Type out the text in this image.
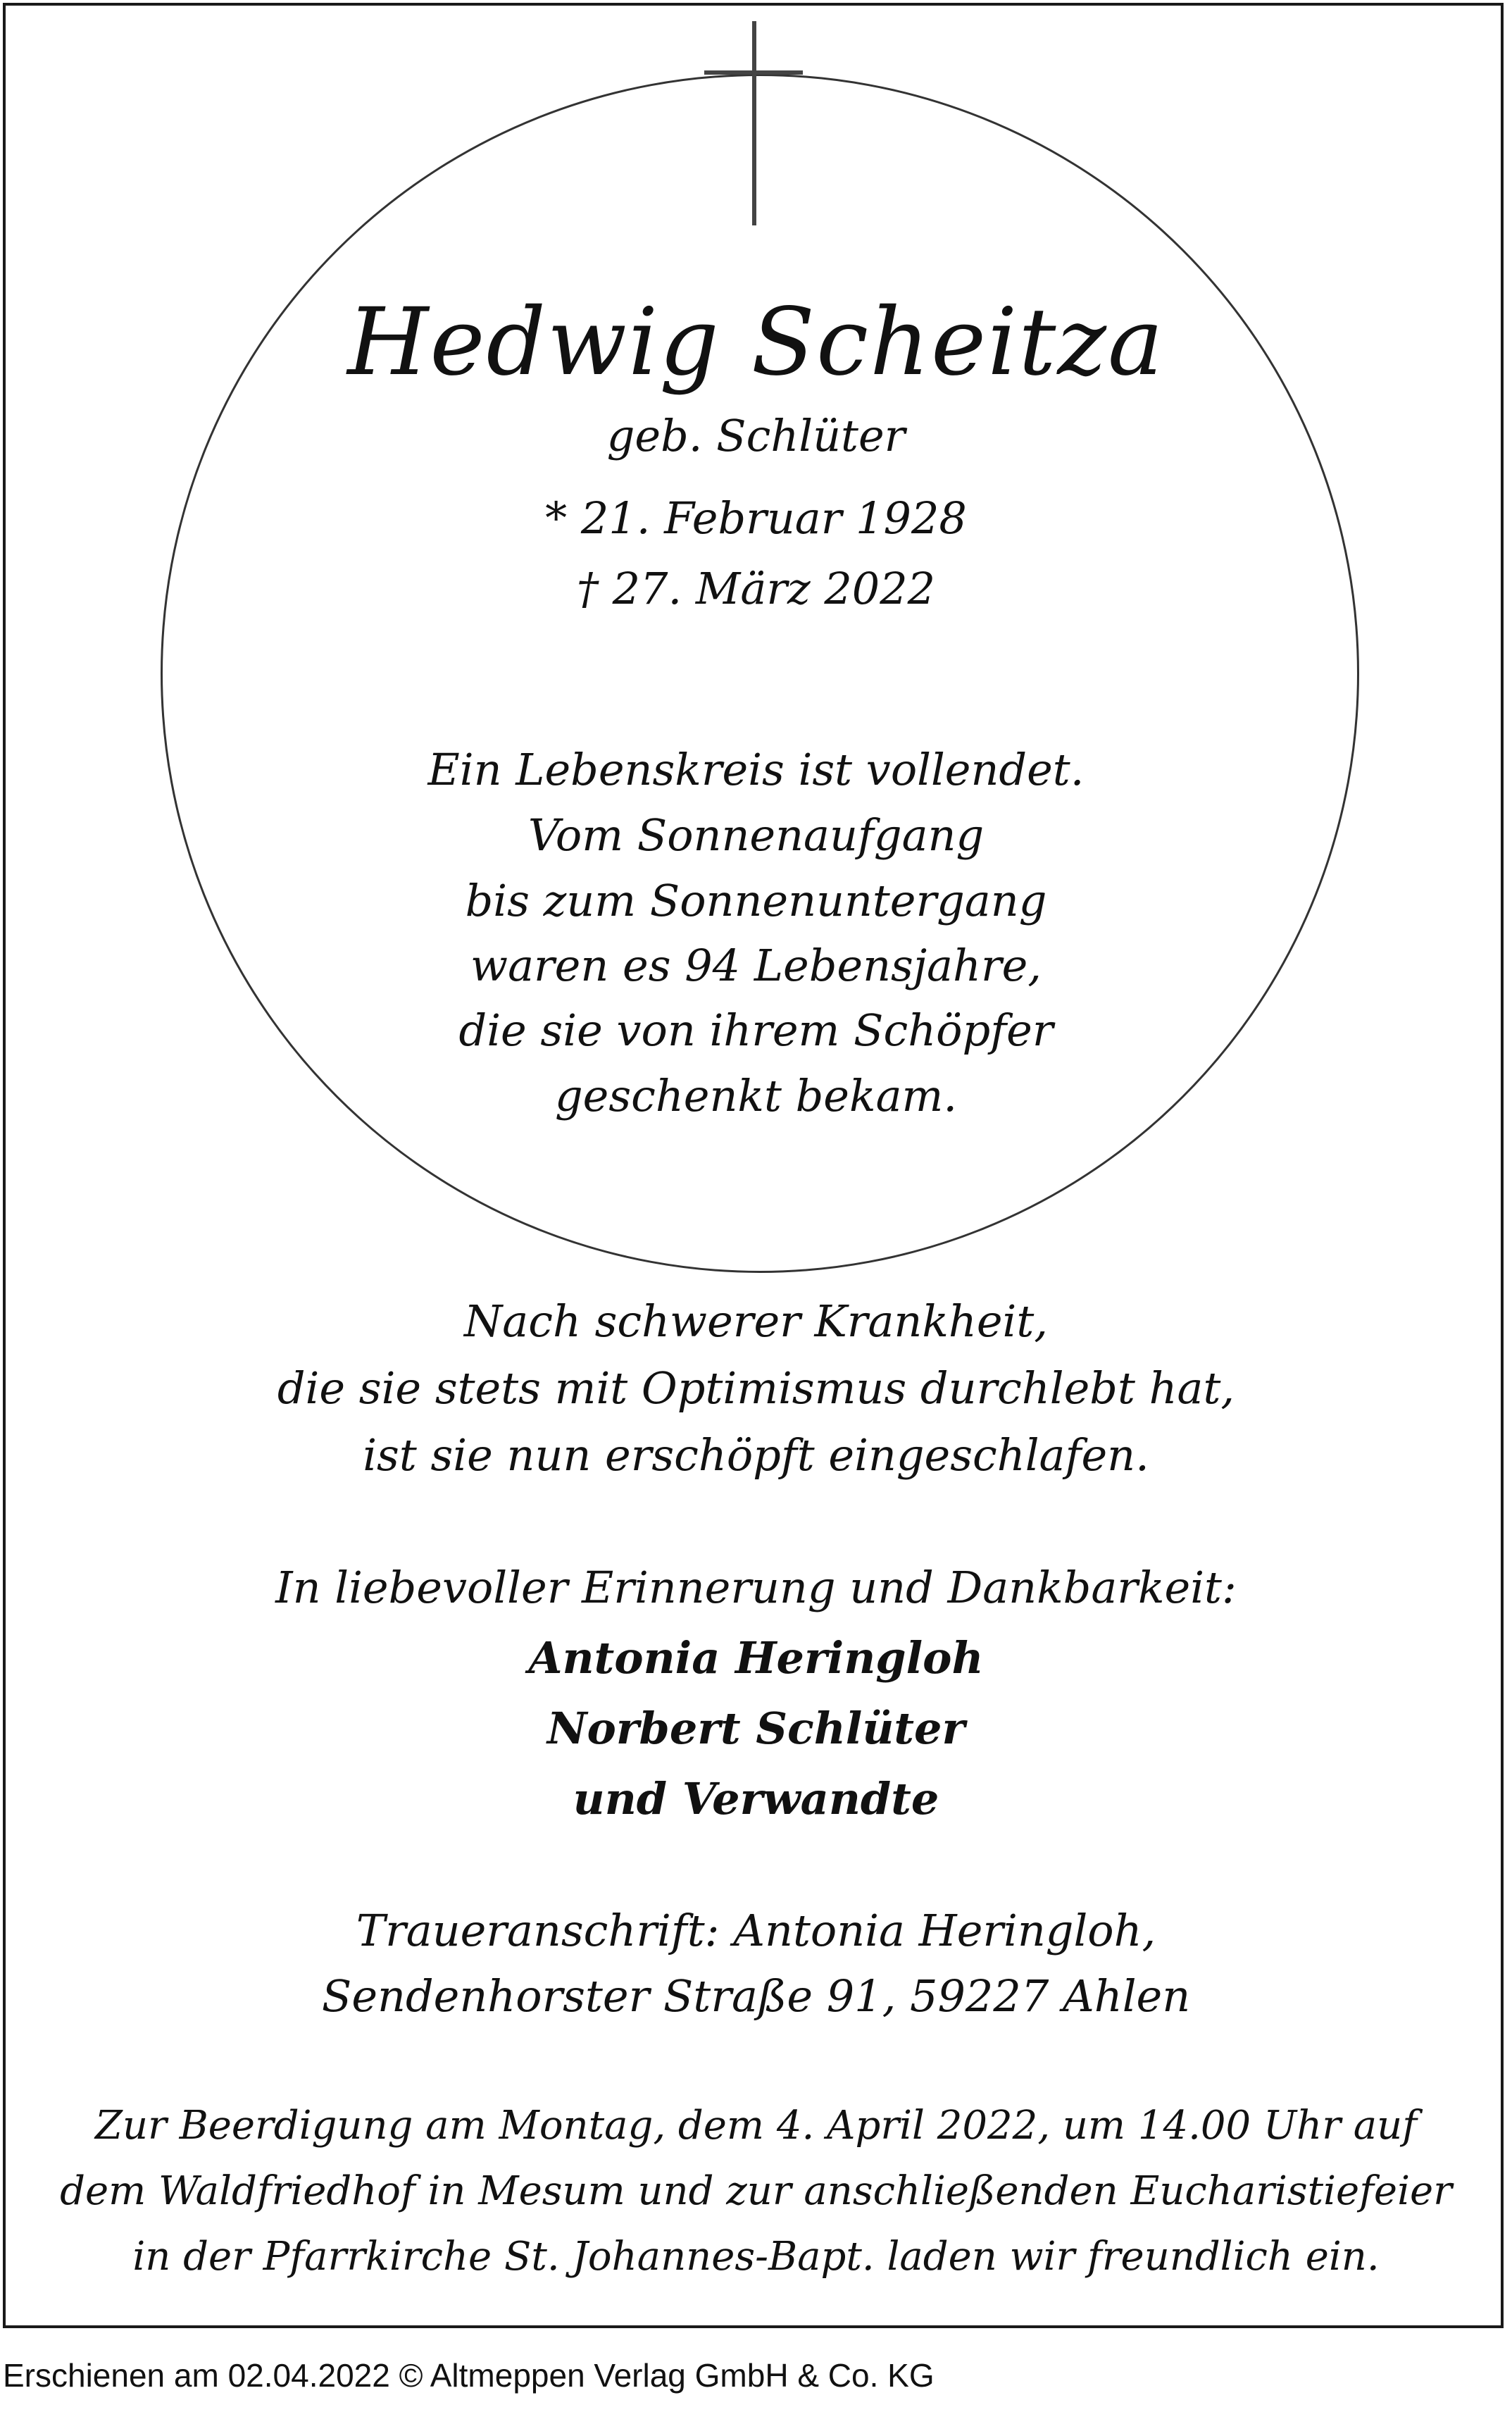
Hedwig Scheitza
geb. Schlüter
* 21. Februar 1928
† 27. März 2022
Ein Lebenskreis ist vollendet.
Vom Sonnenaufgang
bis zum Sonnenuntergang
waren es 94 Lebensjahre,
die sie von ihrem Schöpfer
geschenkt bekam.
Nach schwerer Krankheit,
die sie stets mit Optimismus durchlebt hat,
ist sie nun erschöpft eingeschlafen.
In liebevoller Erinnerung und Dankbarkeit:
Antonia Heringloh
Norbert Schlüter
und Verwandte
Traueranschrift: Antonia Heringloh,
Sendenhorster Straße 91, 59227 Ahlen
Zur Beerdigung am Montag, dem 4. April 2022, um 14.00 Uhr auf
dem Waldfriedhof in Mesum und zur anschließenden Eucharistiefeier
in der Pfarrkirche St. Johannes-Bapt. laden wir freundlich ein.
Erschienen am 02.04.2022 © Altmeppen Verlag GmbH & Co. KG
